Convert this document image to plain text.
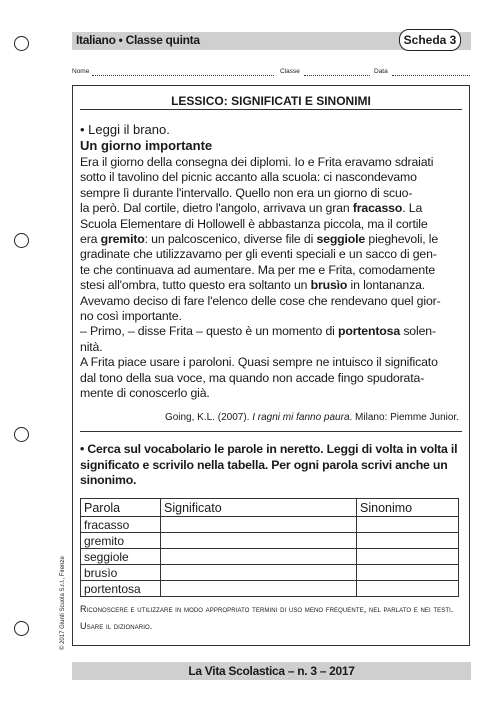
Italiano • Classe quinta	Scheda 3
Nome	Classe	Data
LESSICO: SIGNIFICATI E SINONIMI
• Leggi il brano.
Un giorno importante

Era il giorno della consegna dei diplomi. Io e Frita eravamo sdraiati

sotto il tavolino del picnic accanto alla scuola: ci nascondevamo

sempre lì durante l'intervallo. Quello non era un giorno di scuo-

la però. Dal cortile, dietro l'angolo, arrivava un gran fracasso. La

Scuola Elementare di Hollowell è abbastanza piccola, ma il cortile

era gremito: un palcoscenico, diverse file di seggiole pieghevoli, le

gradinate che utilizzavamo per gli eventi speciali e un sacco di gen-

te che continuava ad aumentare. Ma per me e Frita, comodamente

stesi all'ombra, tutto questo era soltanto un brusìo in lontananza.

Avevamo deciso di fare l'elenco delle cose che rendevano quel gior-

no così importante.

– Primo, – disse Frita – questo è un momento di portentosa solen-

nità.

A Frita piace usare i paroloni. Quasi sempre ne intuisco il significato

dal tono della sua voce, ma quando non accade fingo spudorata-

mente di conoscerlo già.

Going, K.L. (2007). I ragni mi fanno paura. Milano: Piemme Junior.
• Cerca sul vocabolario le parole in neretto. Leggi di volta in volta il significato e scrivilo nella tabella. Per ogni parola scrivi anche un sinonimo.
Parola	Significato	Sinonimo
fracasso		
gremito		
seggiole		
brusìo		
portentosa		
Riconoscere e utilizzare in modo appropriato termini di uso meno frequente, nel parlato e nei testi. Usare il dizionario.
© 2017 Giunti Scuola S.r.l., Firenze
La Vita Scolastica – n. 3 – 2017
